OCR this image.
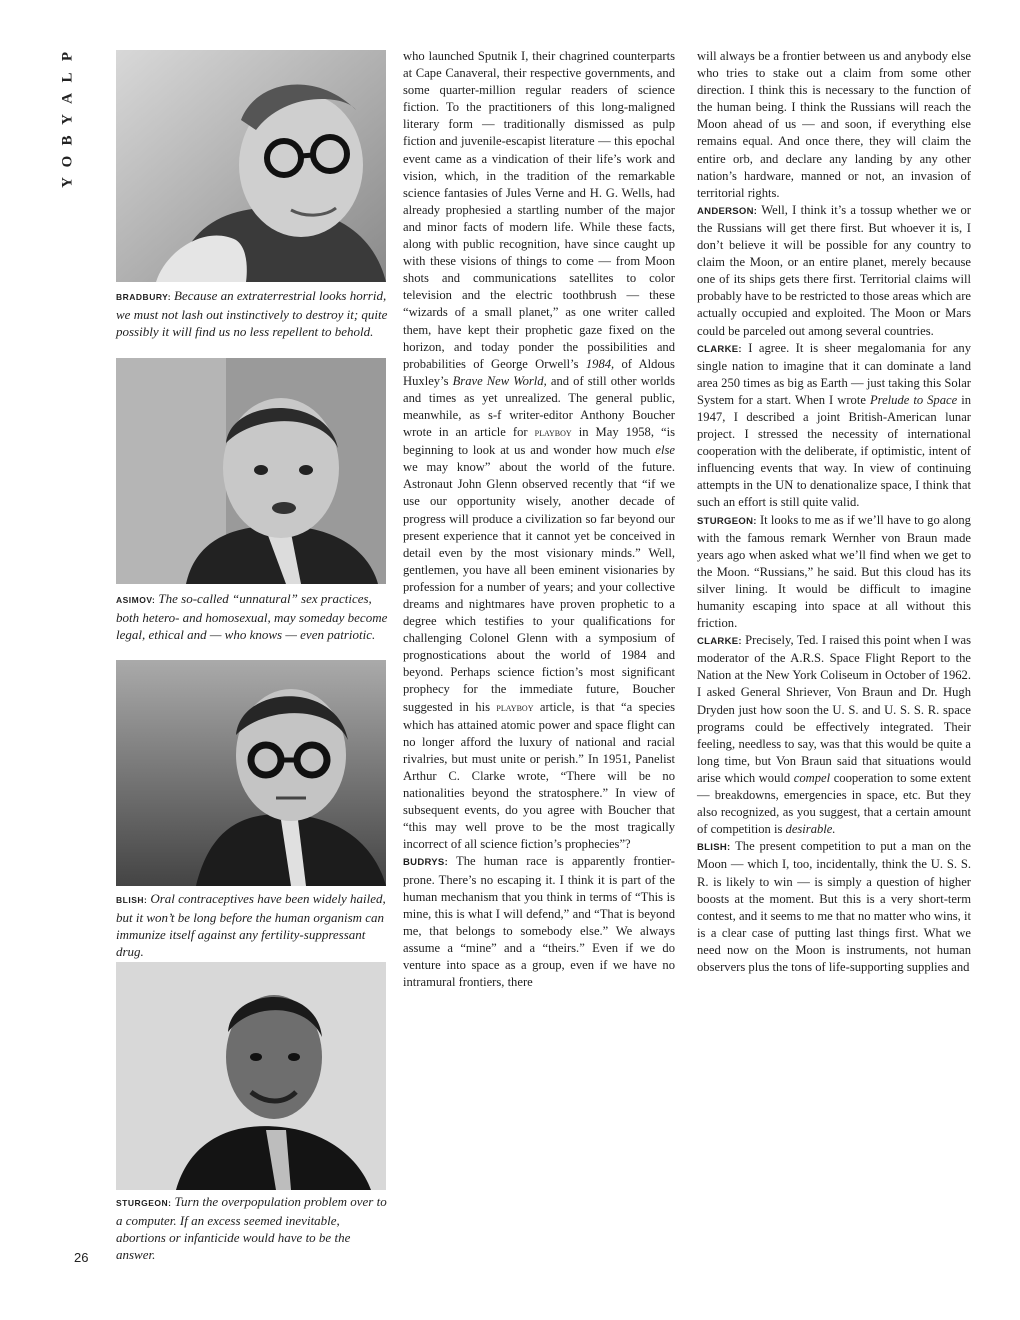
P
L
A
Y
B
O
Y
BRADBURY: Because an extraterrestrial looks horrid, we must not lash out instinctively to destroy it; quite possibly it will find us no less repellent to behold.
ASIMOV: The so-called “unnatural” sex practices, both hetero- and homosexual, may someday become legal, ethical and — who knows — even patriotic.
BLISH: Oral contraceptives have been widely hailed, but it won’t be long before the human organism can immunize itself against any fertility-suppressant drug.
STURGEON: Turn the overpopulation problem over to a computer. If an excess seemed inevitable, abortions or infanticide would have to be the answer.
26

who launched Sputnik I, their chagrined counterparts at Cape Canaveral, their respective governments, and some quarter-million regular readers of science fiction. To the practitioners of this long-maligned literary form — traditionally dismissed as pulp fiction and juvenile-escapist literature — this epochal event came as a vindication of their life’s work and vision, which, in the tradition of the remarkable science fantasies of Jules Verne and H. G. Wells, had already prophesied a startling number of the major and minor facts of modern life. While these facts, along with public recognition, have since caught up with these visions of things to come — from Moon shots and communications satellites to color television and the electric toothbrush — these “wizards of a small planet,” as one writer called them, have kept their prophetic gaze fixed on the horizon, and today ponder the possibilities and probabilities of George Orwell’s 1984, of Aldous Huxley’s Brave New World, and of still other worlds and times as yet unrealized. The general public, meanwhile, as s-f writer-editor Anthony Boucher wrote in an article for playboy in May 1958, “is beginning to look at us and wonder how much else we may know” about the world of the future. Astronaut John Glenn observed recently that “if we use our opportunity wisely, another decade of progress will produce a civilization so far beyond our present experience that it cannot yet be conceived in detail even by the most visionary minds.” Well, gentlemen, you have all been eminent visionaries by profession for a number of years; and your collective dreams and nightmares have proven prophetic to a degree which testifies to your qualifications for challenging Colonel Glenn with a symposium of prognostications about the world of 1984 and beyond. Perhaps science fiction’s most significant prophecy for the immediate future, Boucher suggested in his playboy article, is that “a species which has attained atomic power and space flight can no longer afford the luxury of national and racial rivalries, but must unite or perish.” In 1951, Panelist Arthur C. Clarke wrote, “There will be no nationalities beyond the stratosphere.” In view of subsequent events, do you agree with Boucher that “this may well prove to be the most tragically incorrect of all science fiction’s prophecies”?

BUDRYS: The human race is apparently frontier-prone. There’s no escaping it. I think it is part of the human mechanism that you think in terms of “This is mine, this is what I will defend,” and “That is beyond me, that belongs to somebody else.” We always assume a “mine” and a “theirs.” Even if we do venture into space as a group, even if we have no intramural frontiers, there

will always be a frontier between us and anybody else who tries to stake out a claim from some other direction. I think this is necessary to the function of the human being. I think the Russians will reach the Moon ahead of us — and soon, if everything else remains equal. And once there, they will claim the entire orb, and declare any landing by any other nation’s hardware, manned or not, an invasion of territorial rights.

ANDERSON: Well, I think it’s a tossup whether we or the Russians will get there first. But whoever it is, I don’t believe it will be possible for any country to claim the Moon, or an entire planet, merely because one of its ships gets there first. Territorial claims will probably have to be restricted to those areas which are actually occupied and exploited. The Moon or Mars could be parceled out among several countries.

CLARKE: I agree. It is sheer megalomania for any single nation to imagine that it can dominate a land area 250 times as big as Earth — just taking this Solar System for a start. When I wrote Prelude to Space in 1947, I described a joint British-American lunar project. I stressed the necessity of international cooperation with the deliberate, if optimistic, intent of influencing events that way. In view of continuing attempts in the UN to denationalize space, I think that such an effort is still quite valid.

STURGEON: It looks to me as if we’ll have to go along with the famous remark Wernher von Braun made years ago when asked what we’ll find when we get to the Moon. “Russians,” he said. But this cloud has its silver lining. It would be difficult to imagine humanity escaping into space at all without this friction.

CLARKE: Precisely, Ted. I raised this point when I was moderator of the A.R.S. Space Flight Report to the Nation at the New York Coliseum in October of 1962. I asked General Shriever, Von Braun and Dr. Hugh Dryden just how soon the U. S. and U. S. S. R. space programs could be effectively integrated. Their feeling, needless to say, was that this would be quite a long time, but Von Braun said that situations would arise which would compel cooperation to some extent — breakdowns, emergencies in space, etc. But they also recognized, as you suggest, that a certain amount of competition is desirable.

BLISH: The present competition to put a man on the Moon — which I, too, incidentally, think the U. S. S. R. is likely to win — is simply a question of higher boosts at the moment. But this is a very short-term contest, and it seems to me that no matter who wins, it is a clear case of putting last things first. What we need now on the Moon is instruments, not human observers plus the tons of life-supporting supplies and
